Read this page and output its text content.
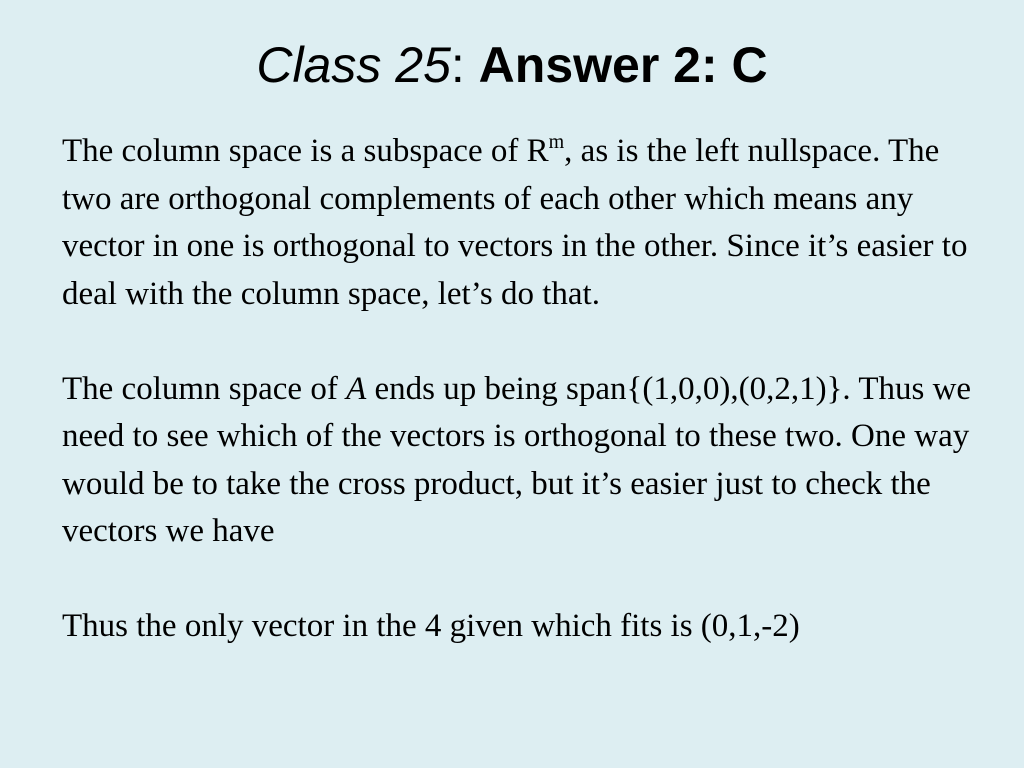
Class 25: Answer 2: C

The column space is a subspace of $R^m$, as is the left nullspace. The two are orthogonal complements of each other which means any vector in one is orthogonal to vectors in the other. Since it’s easier to deal with the column space, let’s do that.

The column space of A ends up being span{(1,0,0),(0,2,1)}. Thus we need to see which of the vectors is orthogonal to these two. One way would be to take the cross product, but it’s easier just to check the vectors we have

Thus the only vector in the 4 given which fits is (0,1,-2)
